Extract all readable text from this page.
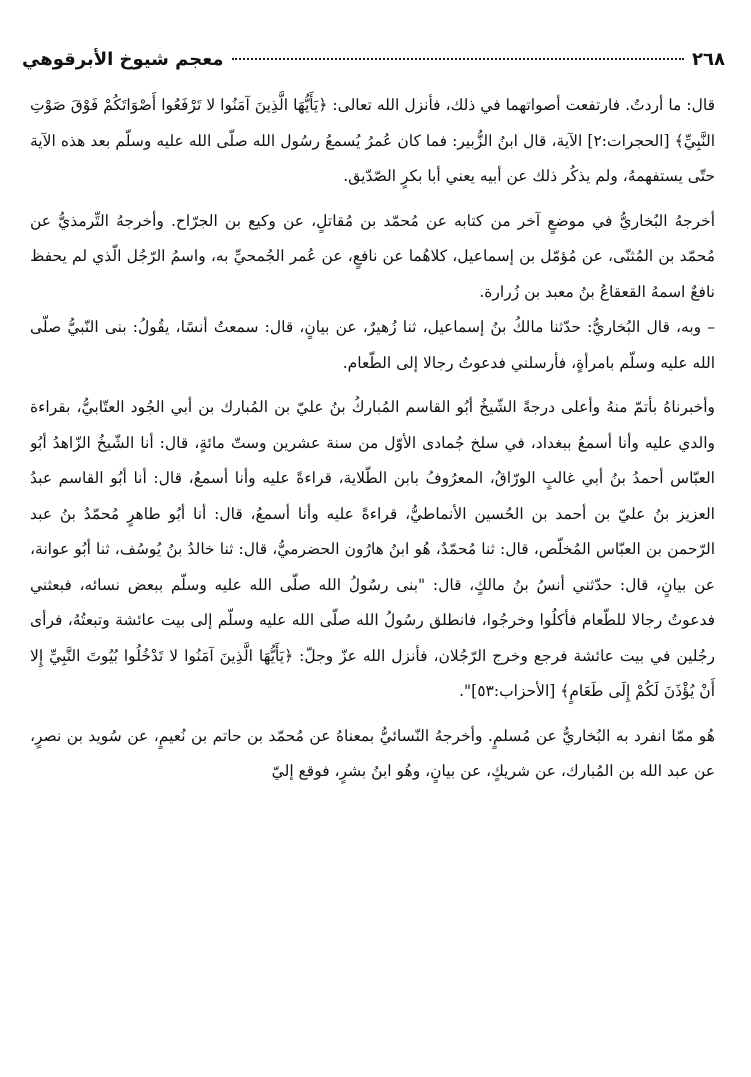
٢٦٨
معجم شيوخ الأبرقوهي

قال: ما أردتُ. فارتفعت أصواتهما في ذلك، فأنزل الله تعالى: ﴿يَأَيُّهَا الَّذِينَ آمَنُوا لا تَرْفَعُوا أَصْوَاتَكُمْ فَوْقَ صَوْتِ النَّبِيِّ﴾ [الحجرات:٢] الآية، قال ابنُ الزُّبير: فما كان عُمرُ يُسمعُ رسُول الله صلّى الله عليه وسلّم بعد هذه الآية حتّى يستفهمهُ، ولم يذكُر ذلك عن أبيه يعني أبا بكرٍ الصّدّيق.

أخرجهُ البُخاريُّ في موضعٍ آخر من كتابه عن مُحمّد بن مُقاتلٍ، عن وكيع بن الجرّاح. وأخرجهُ التِّرمذيُّ عن مُحمّد بن المُثنّى، عن مُؤمّل بن إسماعيل، كلاهُما عن نافعٍ، عن عُمر الجُمحيِّ به، واسمُ الرّجُل الّذي لم يحفظ نافعٌ اسمهُ القعقاعُ بنُ معبد بن زُرارة.

– وبه، قال البُخاريُّ: حدّثنا مالكُ بنُ إسماعيل، ثنا زُهيرٌ، عن بيانٍ، قال: سمعتُ أنسًا، يقُولُ: بنى النّبيُّ صلّى الله عليه وسلّم بامرأةٍ، فأرسلني فدعوتُ رجالا إلى الطّعام.

وأخبرناهُ بأتمّ منهُ وأعلى درجةً الشّيخُ أبُو القاسم المُباركُ بنُ عليّ بن المُبارك بن أبي الجُود العتّابيُّ، بقراءة والدي عليه وأنا أسمعُ ببغداد، في سلخ جُمادى الأوّل من سنة عشرين وستّ مائةٍ، قال: أنا الشّيخُ الزّاهدُ أبُو العبّاس أحمدُ بنُ أبي غالبٍ الورّاقُ، المعرُوفُ بابن الطّلاية، قراءةً عليه وأنا أسمعُ، قال: أنا أبُو القاسم عبدُ العزيز بنُ عليّ بن أحمد بن الحُسين الأنماطيُّ، قراءةً عليه وأنا أسمعُ، قال: أنا أبُو طاهرٍ مُحمّدُ بنُ عبد الرّحمن بن العبّاس المُخلّص، قال: ثنا مُحمّدٌ، هُو ابنُ هارُون الحضرميُّ، قال: ثنا خالدُ بنُ يُوسُف، ثنا أبُو عوانة، عن بيانٍ، قال: حدّثني أنسُ بنُ مالكٍ، قال: "بنى رسُولُ الله صلّى الله عليه وسلّم ببعض نسائه، فبعثني فدعوتُ رجالا للطّعام فأكلُوا وخرجُوا، فانطلق رسُولُ الله صلّى الله عليه وسلّم إلى بيت عائشة وتبعتُهُ، فرأى رجُلين في بيت عائشة فرجع وخرج الرّجُلان، فأنزل الله عزّ وجلّ: ﴿يَأَيُّهَا الَّذِينَ آمَنُوا لا تَدْخُلُوا بُيُوتَ النَّبِيِّ إِلا أَنْ يُؤْذَنَ لَكُمْ إِلَى طَعَامٍ﴾ [الأحزاب:٥٣]".

هُو ممّا انفرد به البُخاريُّ عن مُسلمٍ. وأخرجهُ النّسائيُّ بمعناهُ عن مُحمّد بن حاتم بن نُعيمٍ، عن سُويد بن نصرٍ، عن عبد الله بن المُبارك، عن شريكٍ، عن بيانٍ، وهُو ابنُ بشرٍ، فوقع إليّ
